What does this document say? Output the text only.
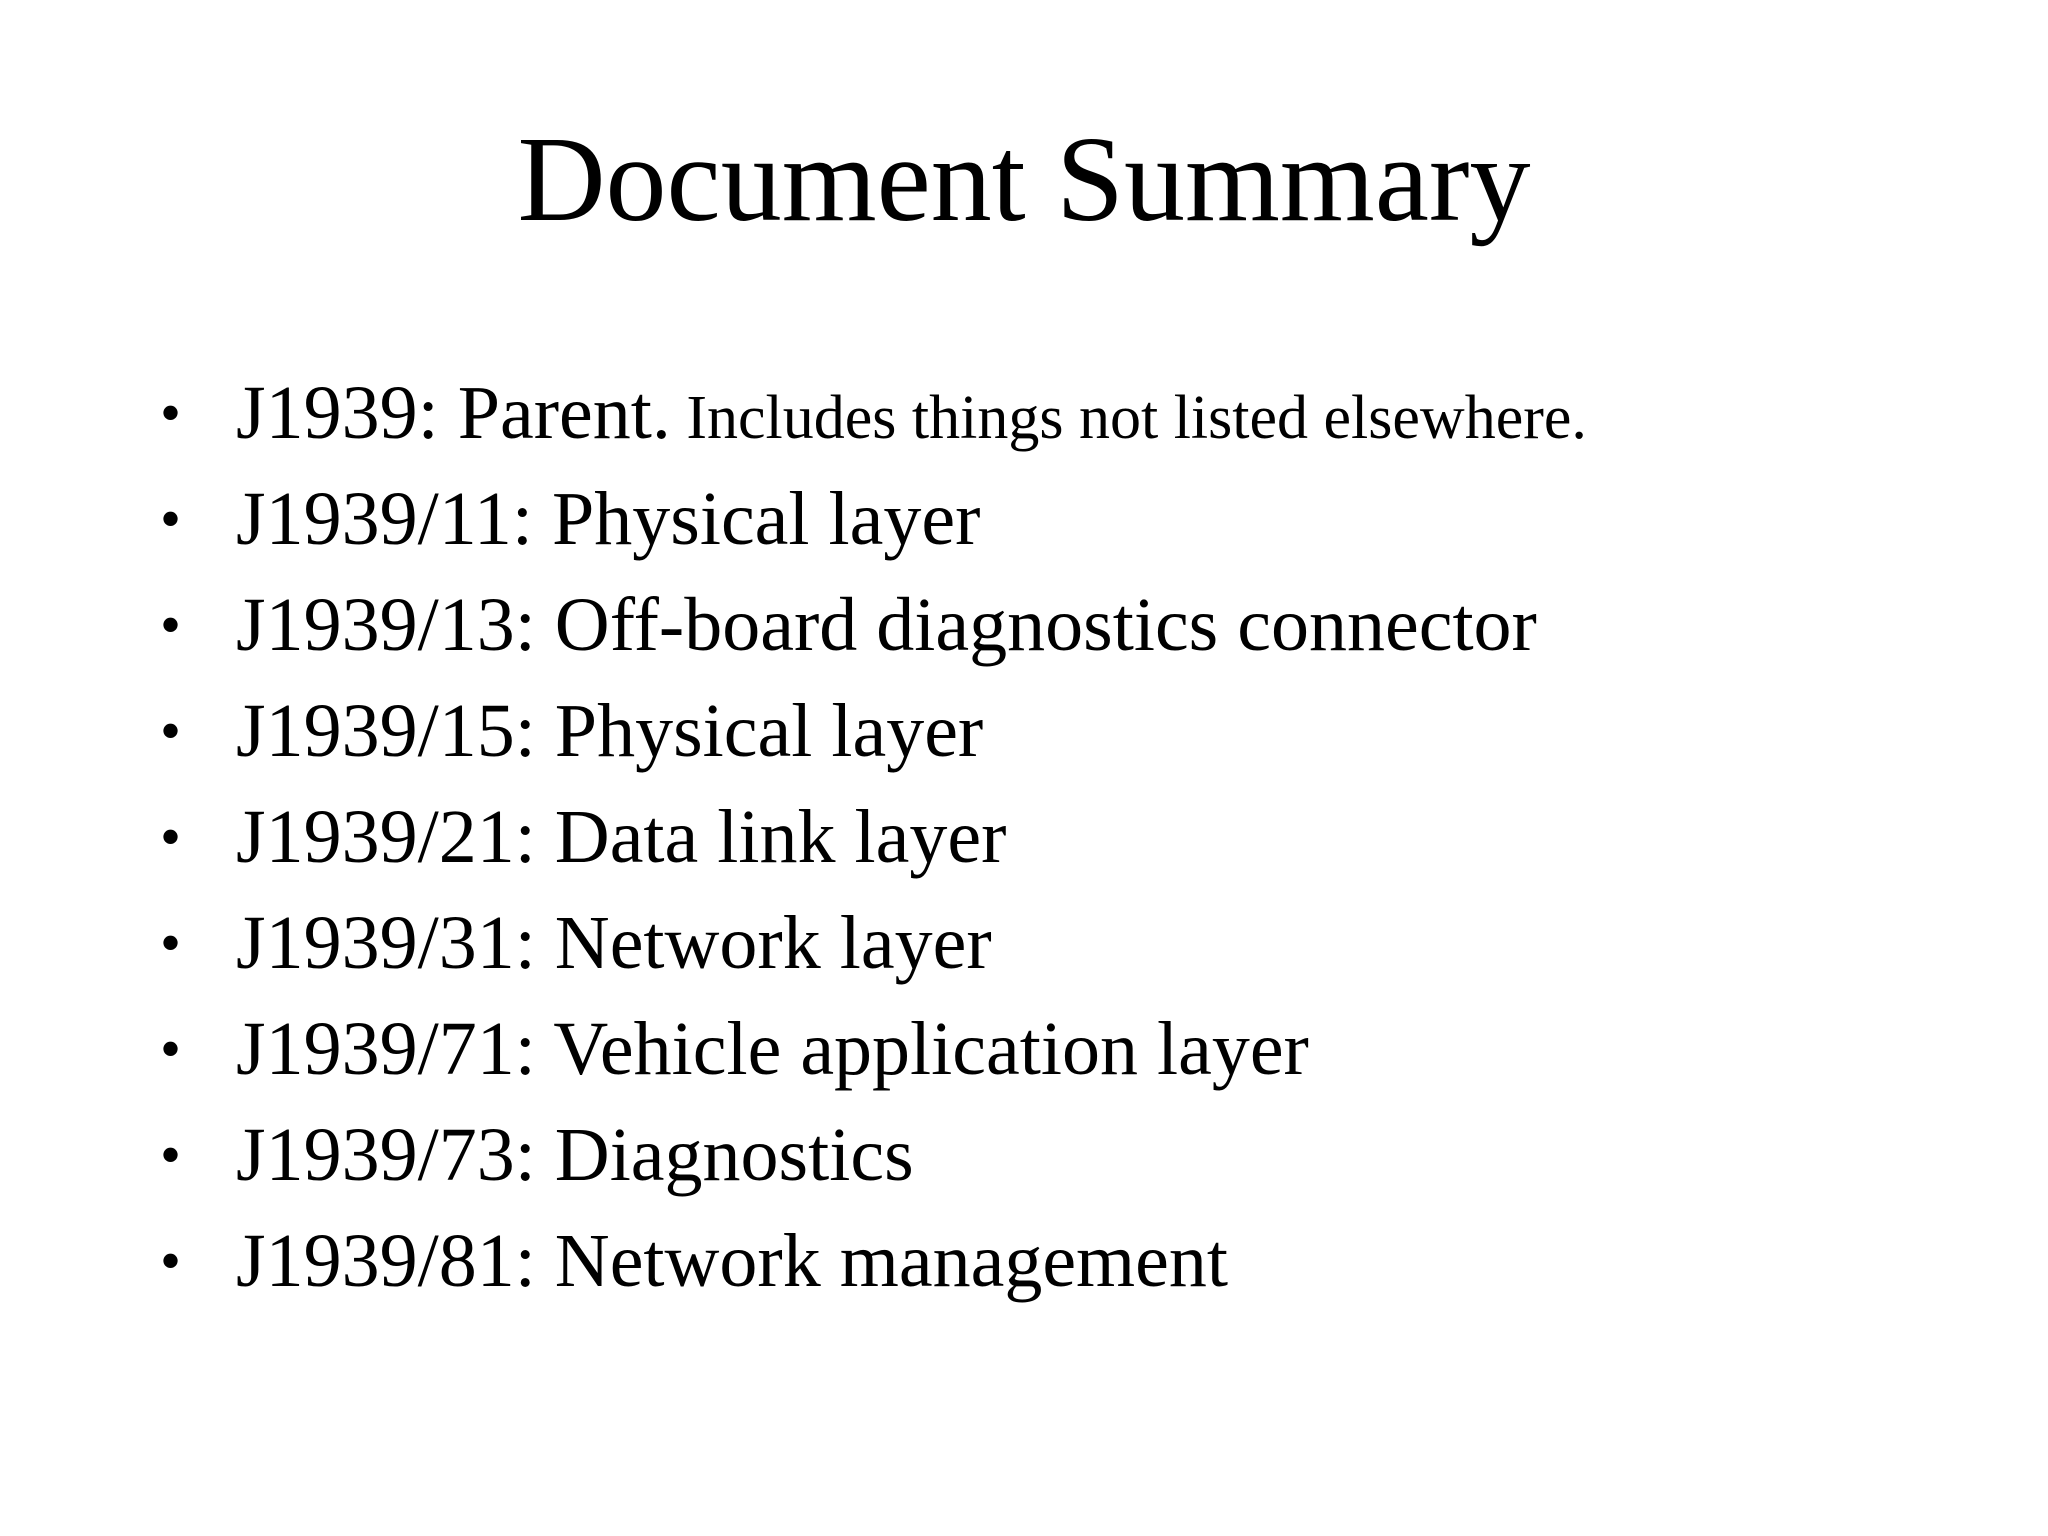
Document Summary
• J1939: Parent. Includes things not listed elsewhere.
• J1939/11: Physical layer
• J1939/13: Off-board diagnostics connector
• J1939/15: Physical layer
• J1939/21: Data link layer
• J1939/31: Network layer
• J1939/71: Vehicle application layer
• J1939/73: Diagnostics
• J1939/81: Network management
